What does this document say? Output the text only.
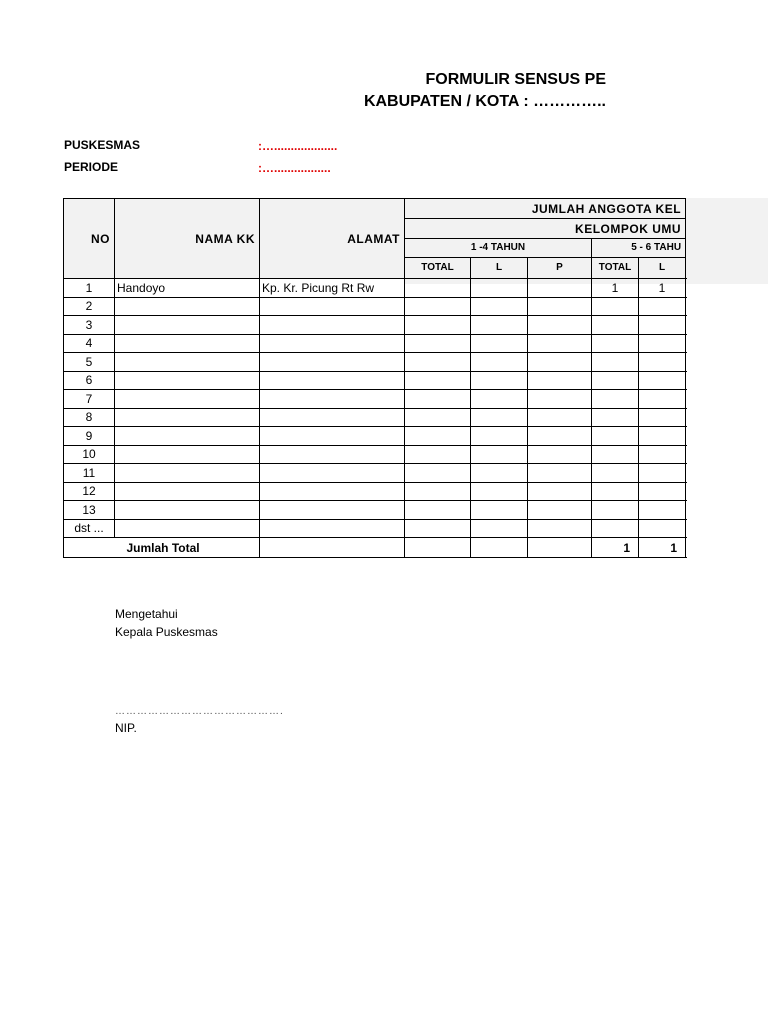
FORMULIR SENSUS PE
KABUPATEN / KOTA : …………..
PUSKESMAS	:…...................
PERIODE	:….................
NO	NAMA KK	ALAMAT	JUMLAH ANGGOTA KEL					
			KELOMPOK UMU					
			1 -4 TAHUN			5 - 6 TAHU		
			TOTAL	L	P	TOTAL	L	
1	Handoyo	Kp. Kr. Picung Rt Rw				1	1	
2								
3								
4								
5								
6								
7								
8								
9								
10								
11								
12								
13								
dst ...								
	Jumlah Total					1	1	
Mengetahui
Kepala Puskesmas
……………………………………….
NIP.
